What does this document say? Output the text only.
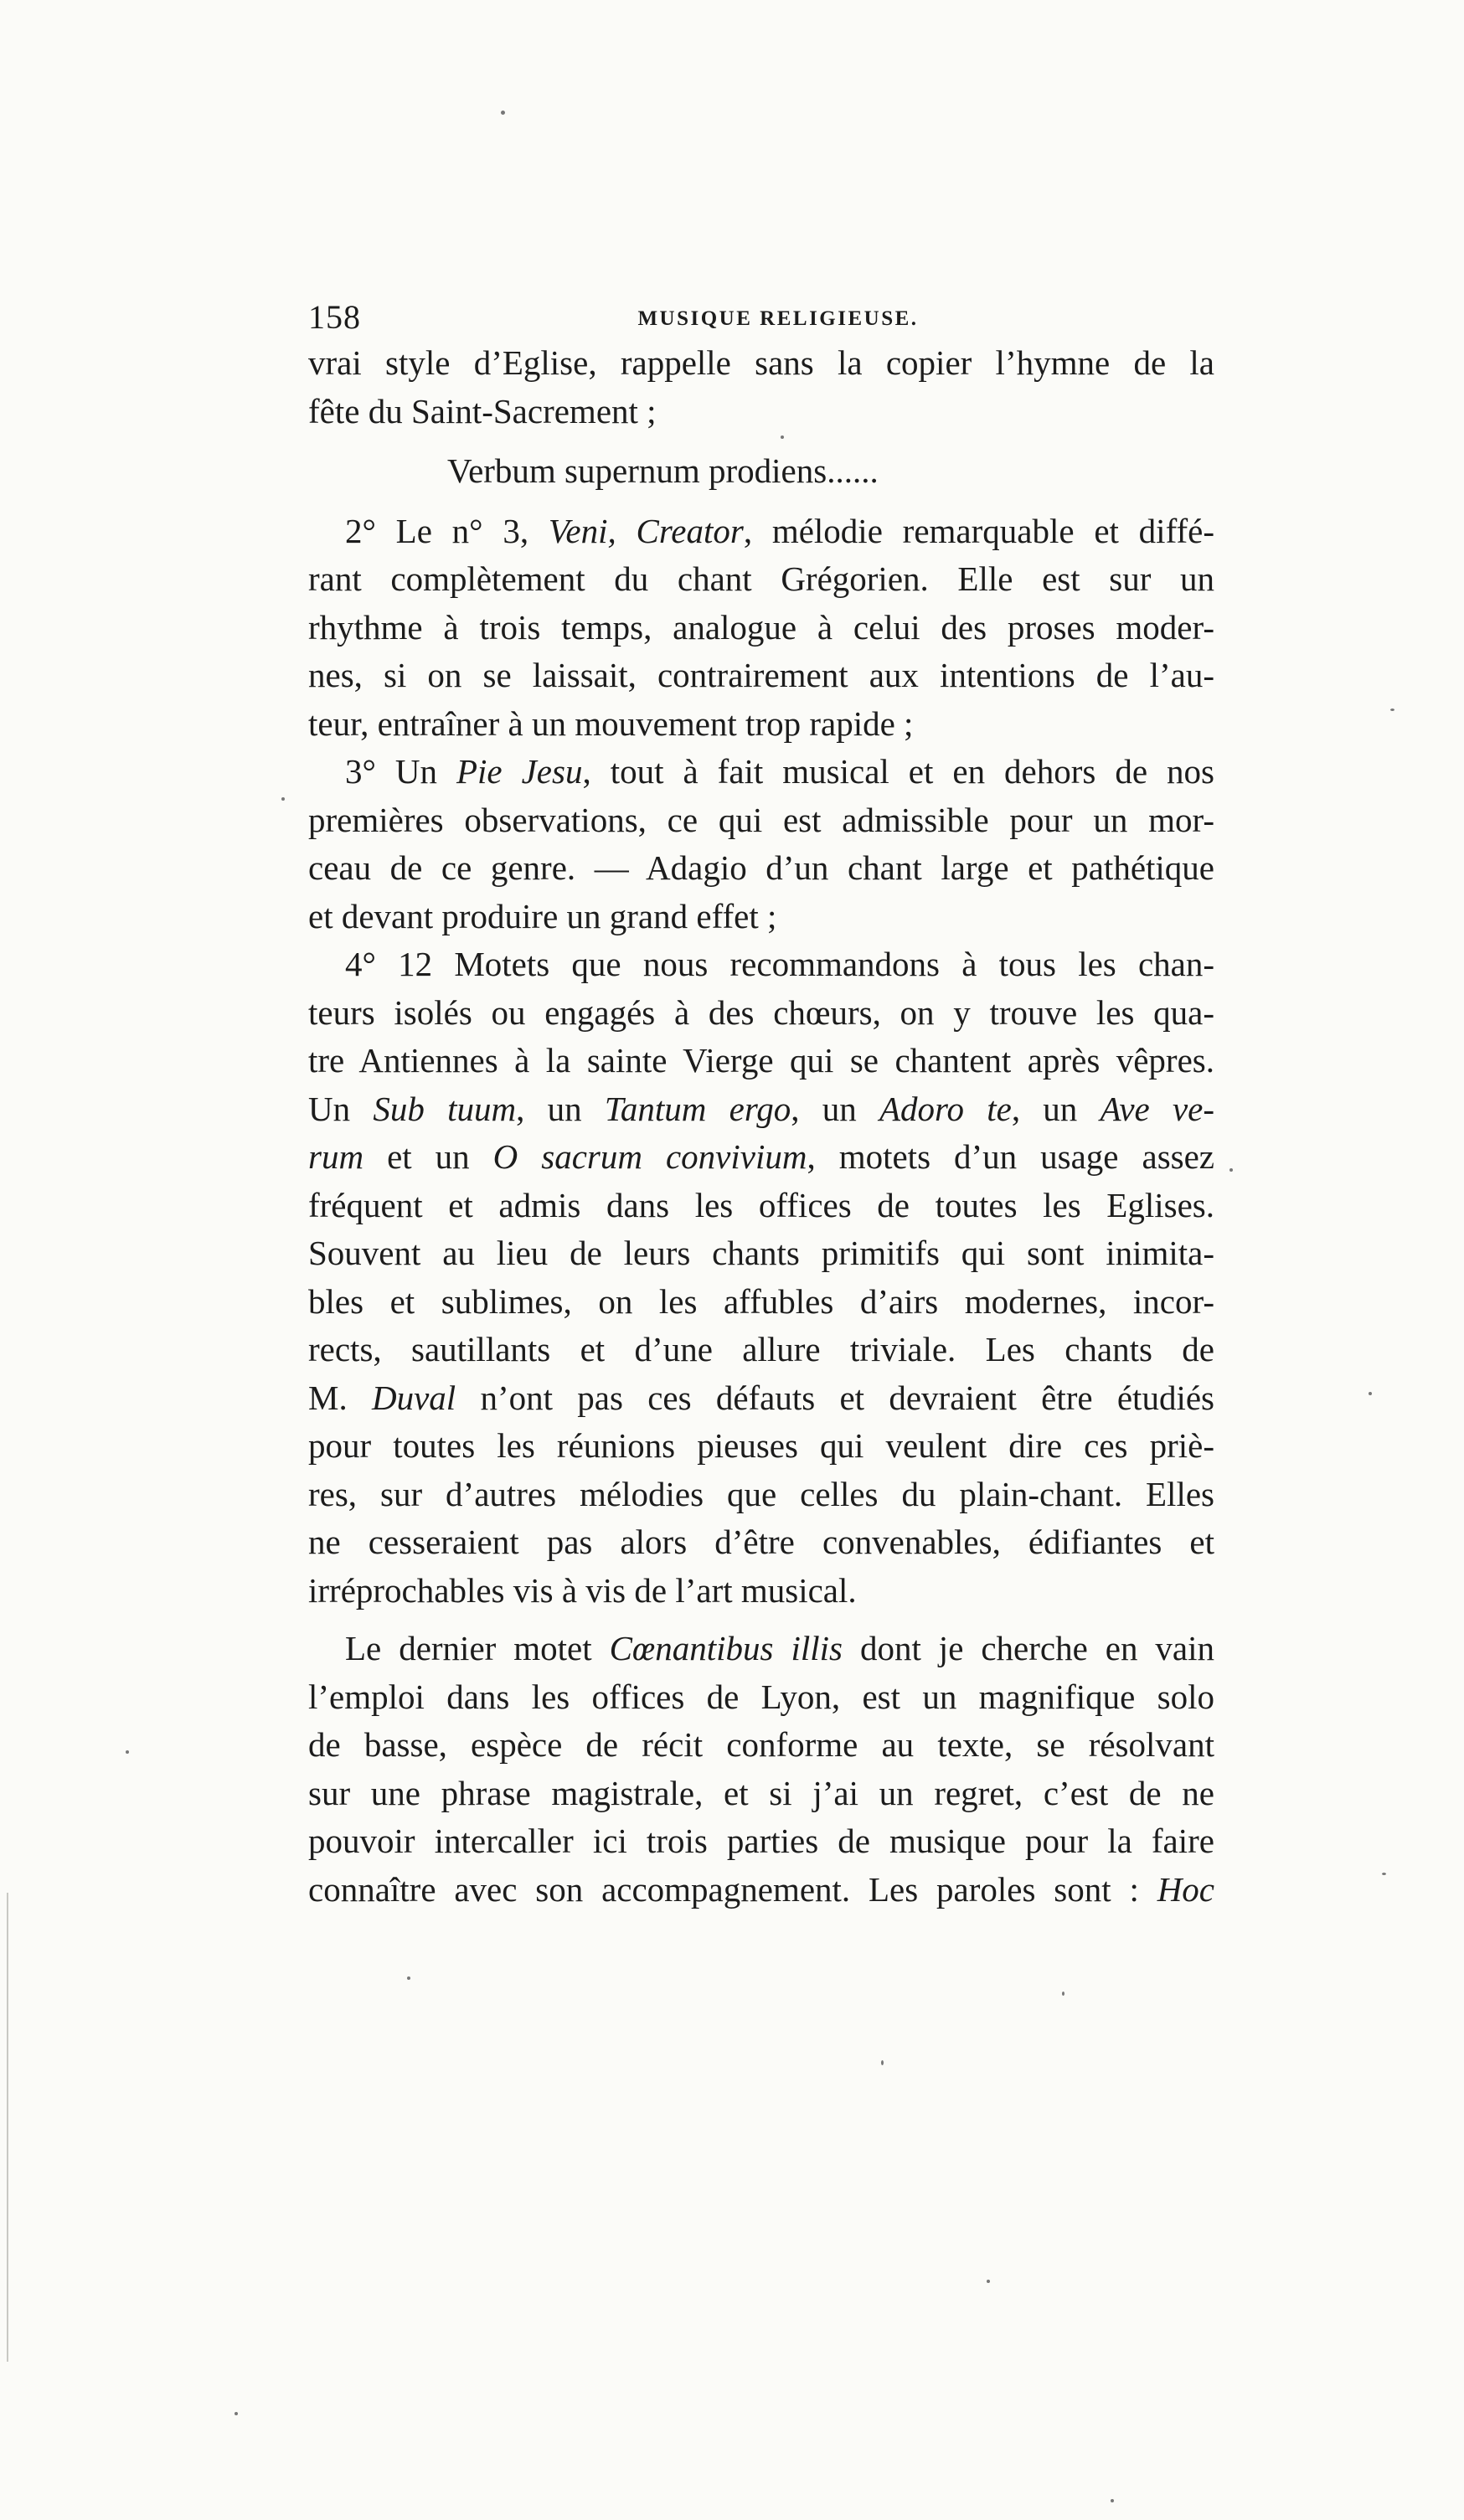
158	MUSIQUE RELIGIEUSE.
vrai style d’Eglise, rappelle sans la copier l’hymne de la
fête du Saint-Sacrement ;
Verbum supernum prodiens......
2° Le n° 3, Veni, Creator, mélodie remarquable et diffé-
rant complètement du chant Grégorien. Elle est sur un
rhythme à trois temps, analogue à celui des proses moder-
nes, si on se laissait, contrairement aux intentions de l’au-
teur, entraîner à un mouvement trop rapide ;
3° Un Pie Jesu, tout à fait musical et en dehors de nos
premières observations, ce qui est admissible pour un mor-
ceau de ce genre. — Adagio d’un chant large et pathétique
et devant produire un grand effet ;
4° 12 Motets que nous recommandons à tous les chan-
teurs isolés ou engagés à des chœurs, on y trouve les qua-
tre Antiennes à la sainte Vierge qui se chantent après vêpres.
Un Sub tuum, un Tantum ergo, un Adoro te, un Ave ve-
rum et un O sacrum convivium, motets d’un usage assez
fréquent et admis dans les offices de toutes les Eglises.
Souvent au lieu de leurs chants primitifs qui sont inimita-
bles et sublimes, on les affubles d’airs modernes, incor-
rects, sautillants et d’une allure triviale. Les chants de
M. Duval n’ont pas ces défauts et devraient être étudiés
pour toutes les réunions pieuses qui veulent dire ces priè-
res, sur d’autres mélodies que celles du plain-chant. Elles
ne cesseraient pas alors d’être convenables, édifiantes et
irréprochables vis à vis de l’art musical.
Le dernier motet Cœnantibus illis dont je cherche en vain
l’emploi dans les offices de Lyon, est un magnifique solo
de basse, espèce de récit conforme au texte, se résolvant
sur une phrase magistrale, et si j’ai un regret, c’est de ne
pouvoir intercaller ici trois parties de musique pour la faire
connaître avec son accompagnement. Les paroles sont : Hoc
